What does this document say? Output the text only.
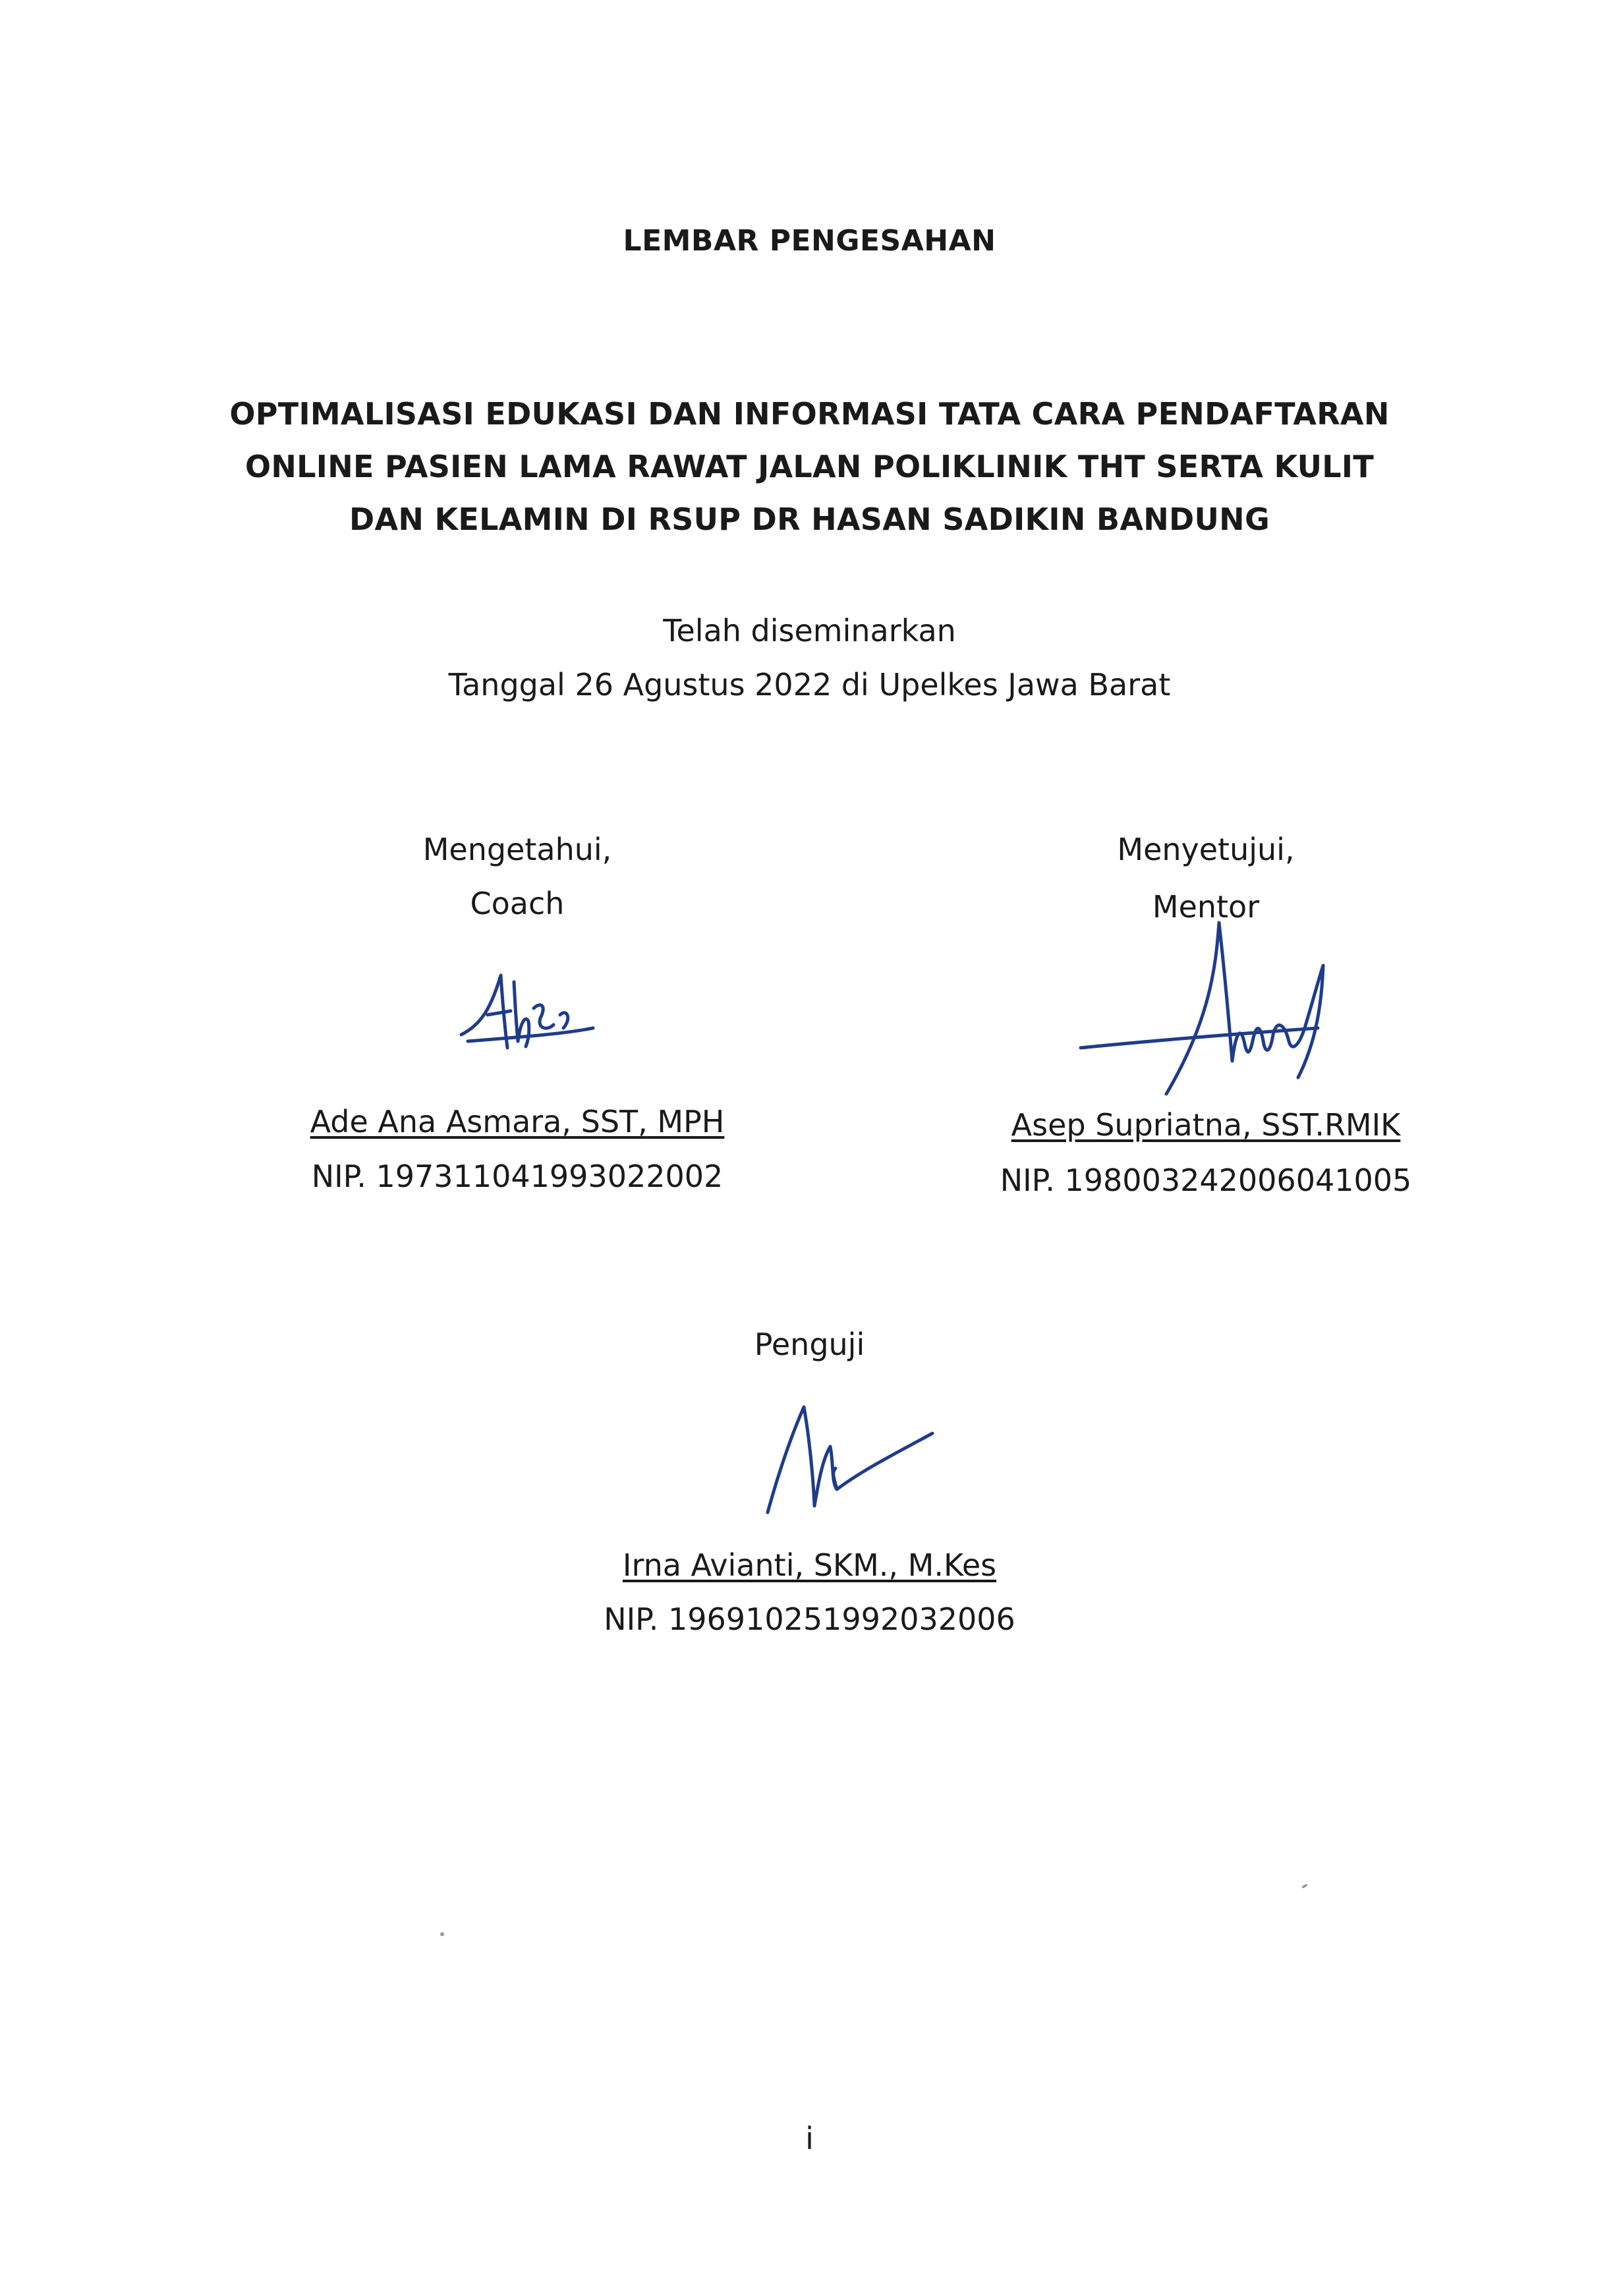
LEMBAR PENGESAHAN
OPTIMALISASI EDUKASI DAN INFORMASI TATA CARA PENDAFTARAN
ONLINE PASIEN LAMA RAWAT JALAN POLIKLINIK THT SERTA KULIT
DAN KELAMIN DI RSUP DR HASAN SADIKIN BANDUNG
Telah diseminarkan
Tanggal 26 Agustus 2022 di Upelkes Jawa Barat
Mengetahui,
Coach
Ade Ana Asmara, SST, MPH
NIP. 197311041993022002
Menyetujui,
Mentor
Asep Supriatna, SST.RMIK
NIP. 198003242006041005
Penguji
Irna Avianti, SKM., M.Kes
NIP. 196910251992032006
i
